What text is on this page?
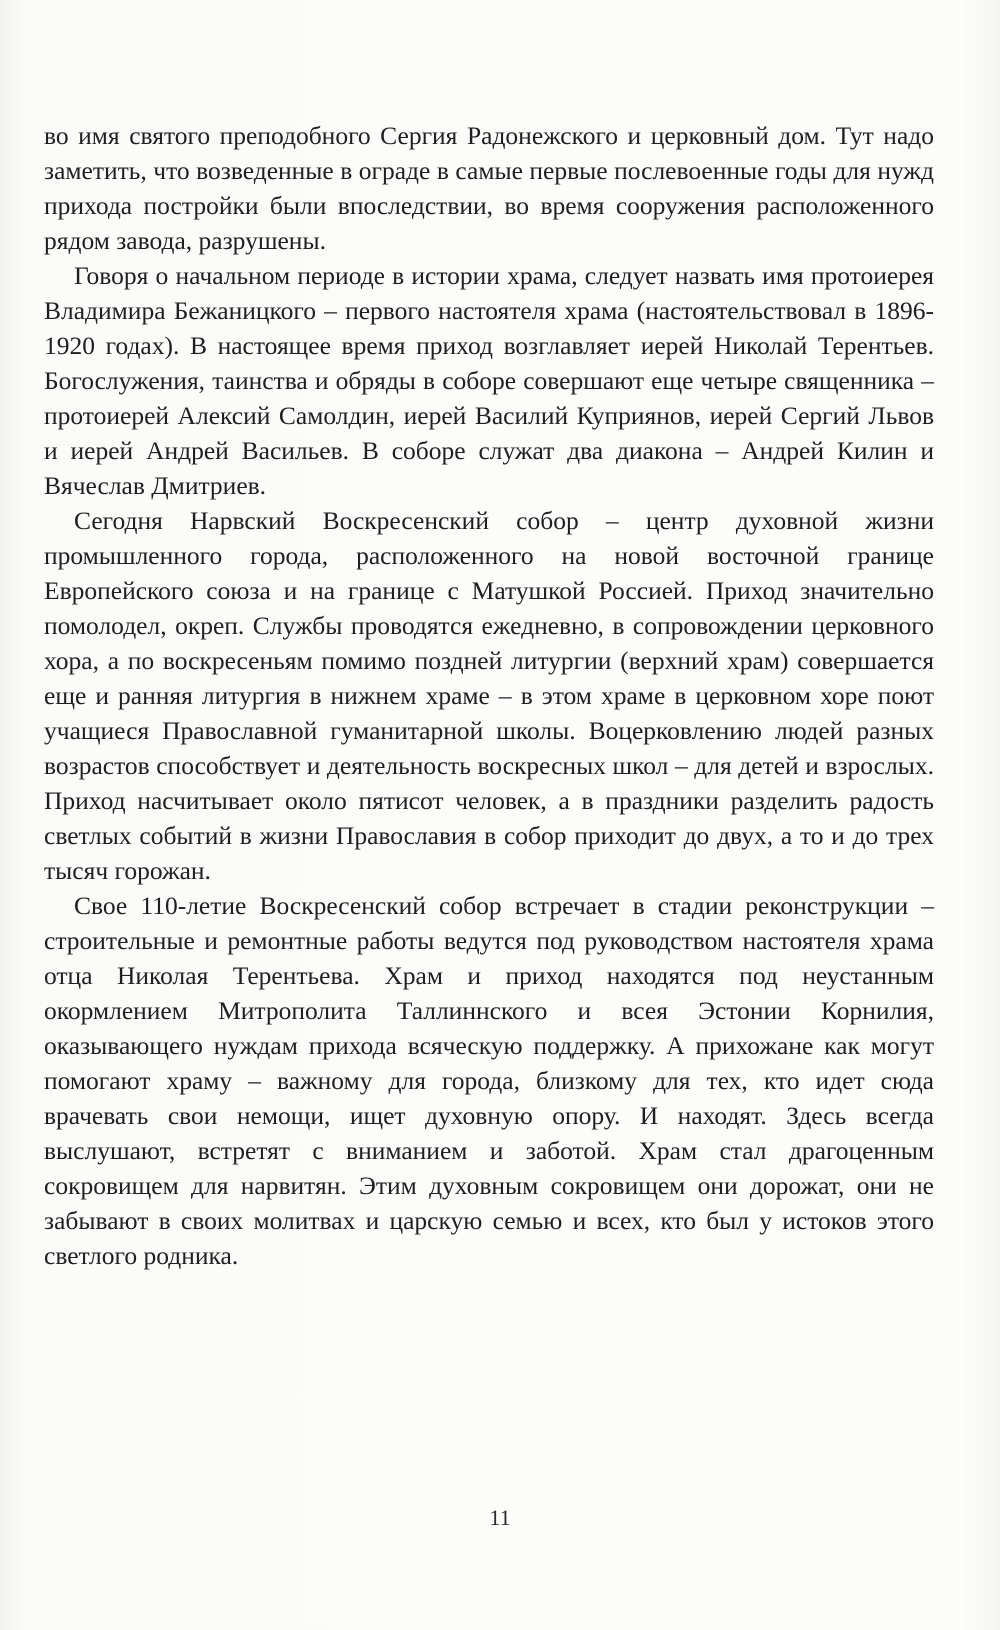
во имя святого преподобного Сергия Радонежского и церковный дом. Тут надо заметить, что возведенные в ограде в самые первые послевоенные годы для нужд прихода постройки были впоследствии, во время сооружения расположенного рядом завода, разрушены.

Говоря о начальном периоде в истории храма, следует назвать имя протоиерея Владимира Бежаницкого – первого настоятеля храма (настоятельствовал в 1896-1920 годах). В настоящее время приход возглавляет иерей Николай Терентьев. Богослужения, таинства и обряды в соборе совершают еще четыре священника – протоиерей Алексий Самолдин, иерей Василий Куприянов, иерей Сергий Львов и иерей Андрей Васильев. В соборе служат два диакона – Андрей Килин и Вячеслав Дмитриев.

Сегодня Нарвский Воскресенский собор – центр духовной жизни промышленного города, расположенного на новой восточной границе Европейского союза и на границе с Матушкой Россией. Приход значительно помолодел, окреп. Службы проводятся ежедневно, в сопровождении церковного хора, а по воскресеньям помимо поздней литургии (верхний храм) совершается еще и ранняя литургия в нижнем храме – в этом храме в церковном хоре поют учащиеся Православной гуманитарной школы. Воцерковлению людей разных возрастов способствует и деятельность воскресных школ – для детей и взрослых. Приход насчитывает около пятисот человек, а в праздники разделить радость светлых событий в жизни Православия в собор приходит до двух, а то и до трех тысяч горожан.

Свое 110-летие Воскресенский собор встречает в стадии реконструкции – строительные и ремонтные работы ведутся под руководством настоятеля храма отца Николая Терентьева. Храм и приход находятся под неустанным окормлением Митрополита Таллиннского и всея Эстонии Корнилия, оказывающего нуждам прихода всяческую поддержку. А прихожане как могут помогают храму – важному для города, близкому для тех, кто идет сюда врачевать свои немощи, ищет духовную опору. И находят. Здесь всегда выслушают, встретят с вниманием и заботой. Храм стал драгоценным сокровищем для нарвитян. Этим духовным сокровищем они дорожат, они не забывают в своих молитвах и царскую семью и всех, кто был у истоков этого светлого родника.

11
